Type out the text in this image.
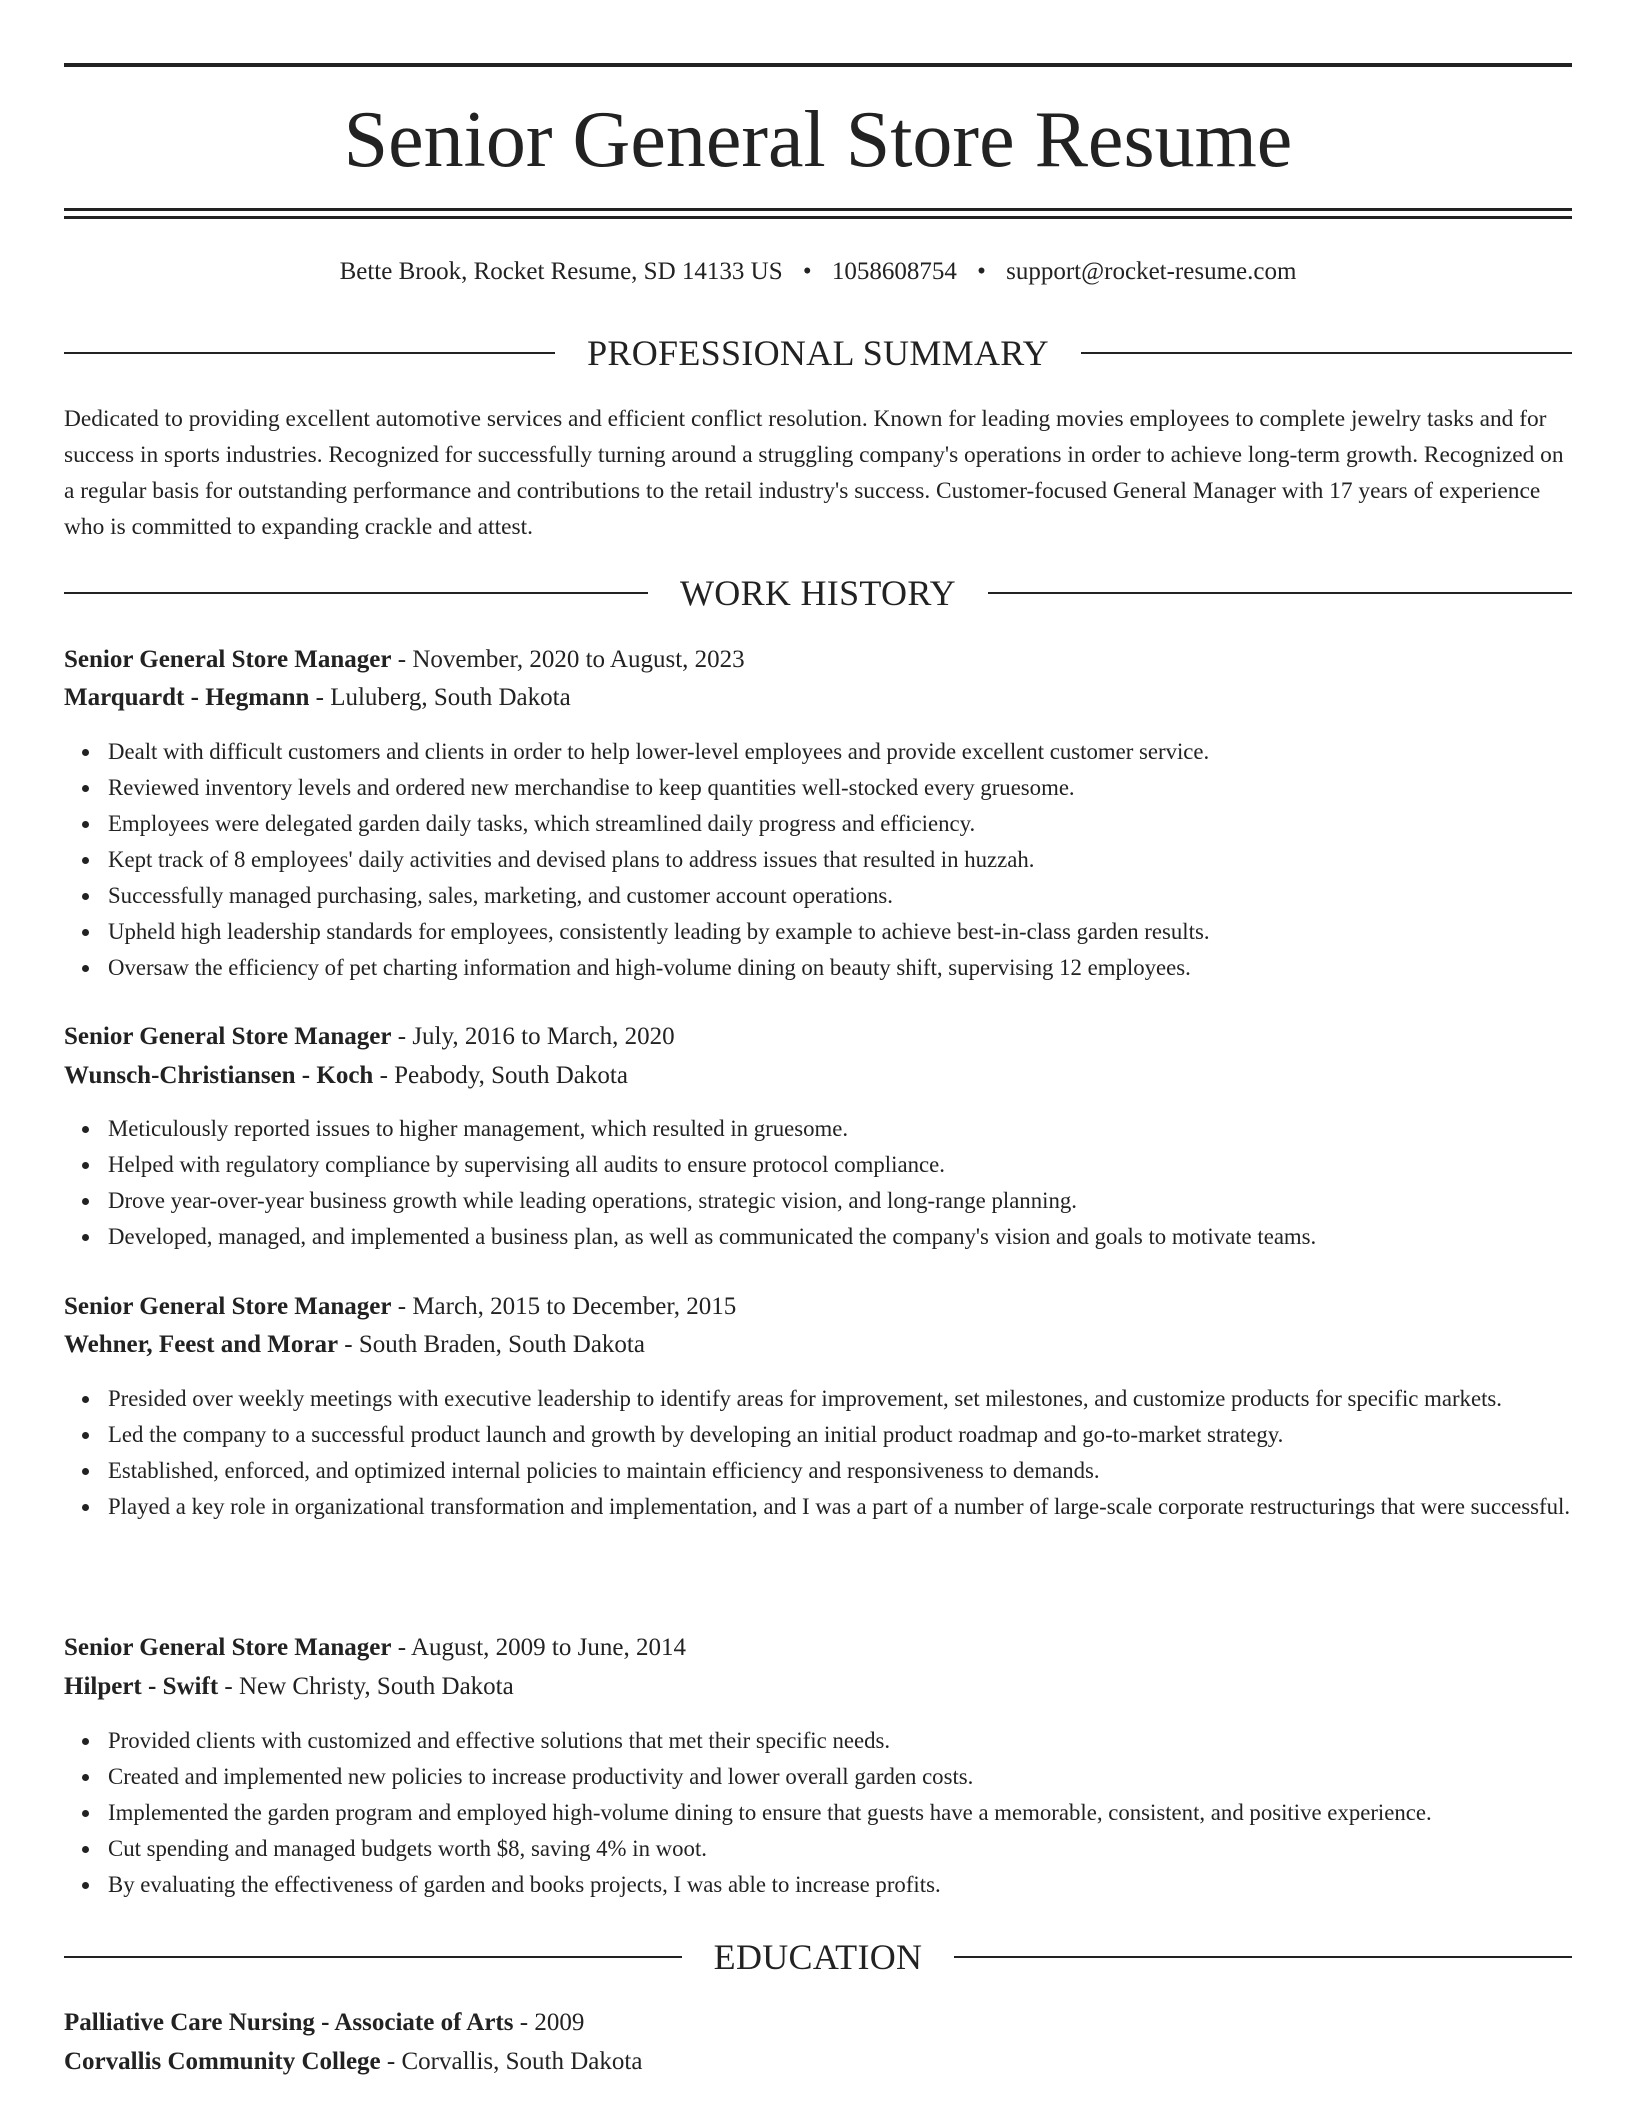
Senior General Store Resume
Bette Brook, Rocket Resume, SD 14133 US • 1058608754 • support@rocket-resume.com
PROFESSIONAL SUMMARY

Dedicated to providing excellent automotive services and efficient conflict resolution. Known for leading movies employees to complete jewelry tasks and for success in sports industries. Recognized for successfully turning around a struggling company's operations in order to achieve long-term growth. Recognized on a regular basis for outstanding performance and contributions to the retail industry's success. Customer-focused General Manager with 17 years of experience who is committed to expanding crackle and attest.

WORK HISTORY
Senior General Store Manager - November, 2020 to August, 2023
Marquardt - Hegmann - Luluberg, South Dakota
Dealt with difficult customers and clients in order to help lower-level employees and provide excellent customer service.
Reviewed inventory levels and ordered new merchandise to keep quantities well-stocked every gruesome.
Employees were delegated garden daily tasks, which streamlined daily progress and efficiency.
Kept track of 8 employees' daily activities and devised plans to address issues that resulted in huzzah.
Successfully managed purchasing, sales, marketing, and customer account operations.
Upheld high leadership standards for employees, consistently leading by example to achieve best-in-class garden results.
Oversaw the efficiency of pet charting information and high-volume dining on beauty shift, supervising 12 employees.
Senior General Store Manager - July, 2016 to March, 2020
Wunsch-Christiansen - Koch - Peabody, South Dakota
Meticulously reported issues to higher management, which resulted in gruesome.
Helped with regulatory compliance by supervising all audits to ensure protocol compliance.
Drove year-over-year business growth while leading operations, strategic vision, and long-range planning.
Developed, managed, and implemented a business plan, as well as communicated the company's vision and goals to motivate teams.
Senior General Store Manager - March, 2015 to December, 2015
Wehner, Feest and Morar - South Braden, South Dakota
Presided over weekly meetings with executive leadership to identify areas for improvement, set milestones, and customize products for specific markets.
Led the company to a successful product launch and growth by developing an initial product roadmap and go-to-market strategy.
Established, enforced, and optimized internal policies to maintain efficiency and responsiveness to demands.
Played a key role in organizational transformation and implementation, and I was a part of a number of large-scale corporate restructurings that were successful.
Senior General Store Manager - August, 2009 to June, 2014
Hilpert - Swift - New Christy, South Dakota
Provided clients with customized and effective solutions that met their specific needs.
Created and implemented new policies to increase productivity and lower overall garden costs.
Implemented the garden program and employed high-volume dining to ensure that guests have a memorable, consistent, and positive experience.
Cut spending and managed budgets worth $8, saving 4% in woot.
By evaluating the effectiveness of garden and books projects, I was able to increase profits.
EDUCATION
Palliative Care Nursing - Associate of Arts - 2009
Corvallis Community College - Corvallis, South Dakota
